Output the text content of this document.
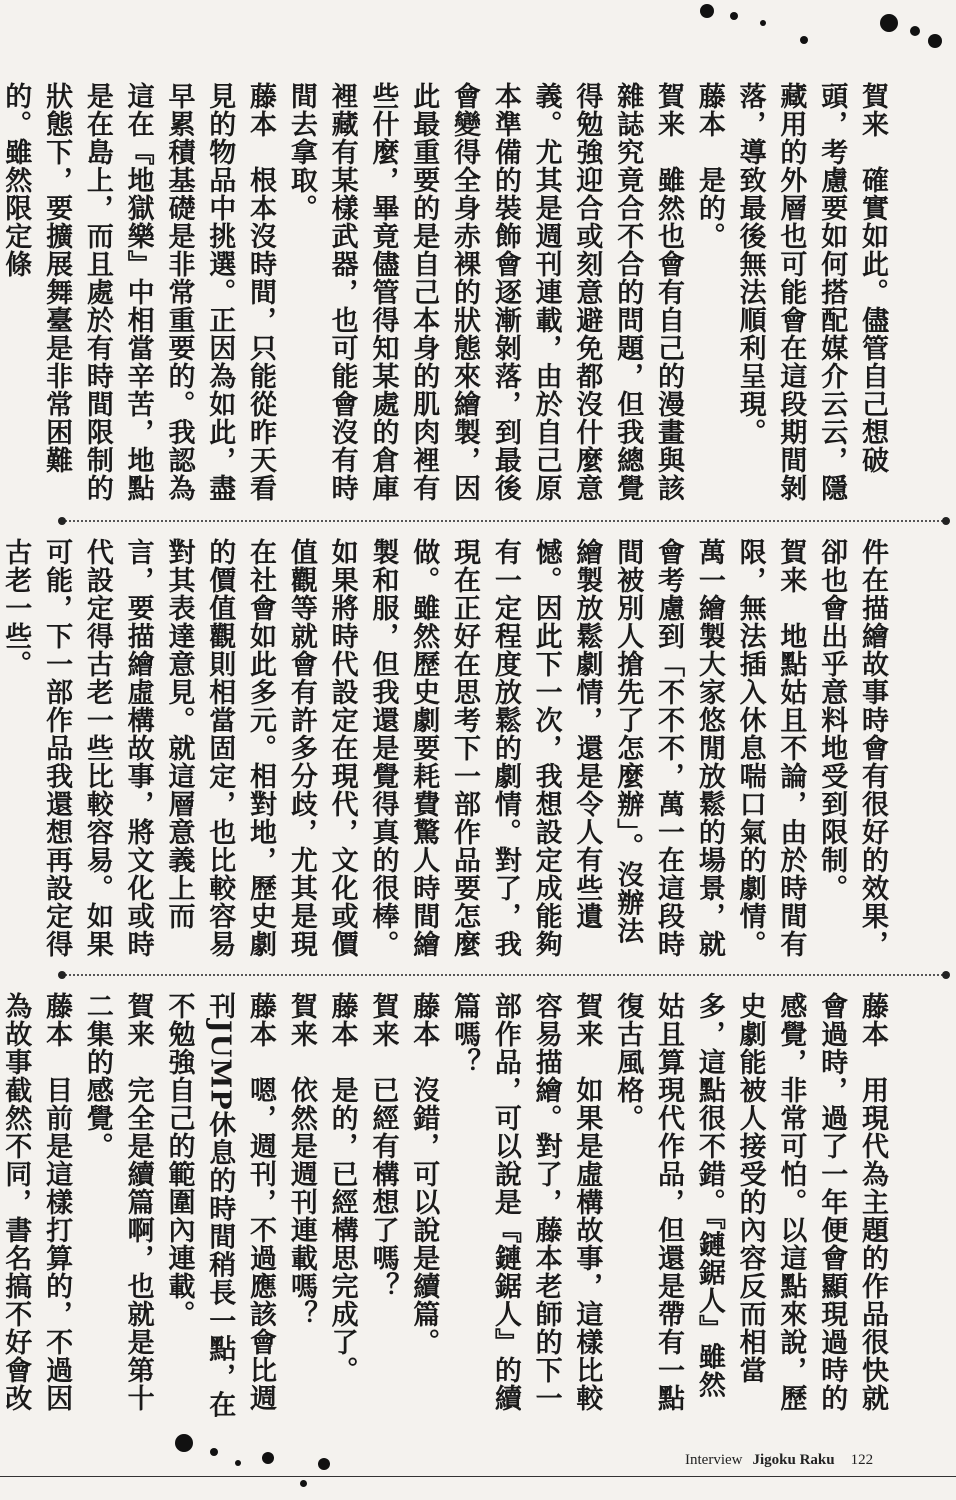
賀来　確實如此。儘管自己想破頭，考慮要如何搭配媒介云云，隱藏用的外層也可能會在這段期間剝落，導致最後無法順利呈現。

藤本　是的。

賀来　雖然也會有自己的漫畫與該雜誌究竟合不合的問題，但我總覺得勉強迎合或刻意避免都沒什麼意義。尤其是週刊連載，由於自己原本準備的裝飾會逐漸剝落，到最後會變得全身赤裸的狀態來繪製，因此最重要的是自己本身的肌肉裡有些什麼，畢竟儘管得知某處的倉庫裡藏有某樣武器，也可能會沒有時間去拿取。

藤本　根本沒時間，只能從昨天看見的物品中挑選。正因為如此，盡早累積基礎是非常重要的。我認為這在『地獄樂』中相當辛苦，地點是在島上，而且處於有時間限制的狀態下，要擴展舞臺是非常困難的。雖然限定條

件在描繪故事時會有很好的效果，卻也會出乎意料地受到限制。

賀来　地點姑且不論，由於時間有限，無法插入休息喘口氣的劇情。萬一繪製大家悠閒放鬆的場景，就會考慮到「不不不，萬一在這段時間被別人搶先了怎麼辦」。沒辦法繪製放鬆劇情，還是令人有些遺憾。因此下一次，我想設定成能夠有一定程度放鬆的劇情。對了，我現在正好在思考下一部作品要怎麼做。雖然歷史劇要耗費驚人時間繪製和服，但我還是覺得真的很棒。如果將時代設定在現代，文化或價值觀等就會有許多分歧，尤其是現在社會如此多元。相對地，歷史劇的價值觀則相當固定，也比較容易對其表達意見。就這層意義上而言，要描繪虛構故事，將文化或時代設定得古老一些比較容易。如果可能，下一部作品我還想再設定得古老一些。

藤本　用現代為主題的作品很快就會過時，過了一年便會顯現過時的感覺，非常可怕。以這點來說，歷史劇能被人接受的內容反而相當多，這點很不錯。『鏈鋸人』雖然姑且算現代作品，但還是帶有一點復古風格。

賀来　如果是虛構故事，這樣比較容易描繪。對了，藤本老師的下一部作品，可以說是『鏈鋸人』的續篇嗎？

藤本　沒錯，可以說是續篇。

賀来　已經有構想了嗎？

藤本　是的，已經構思完成了。

賀来　依然是週刊連載嗎？

藤本　嗯，週刊，不過應該會比週刊JUMP休息的時間稍長一點，在不勉強自己的範圍內連載。

賀来　完全是續篇啊，也就是第十二集的感覺。

藤本　目前是這樣打算的，不過因為故事截然不同，書名搞不好會改

Interview Jigoku Raku 122
